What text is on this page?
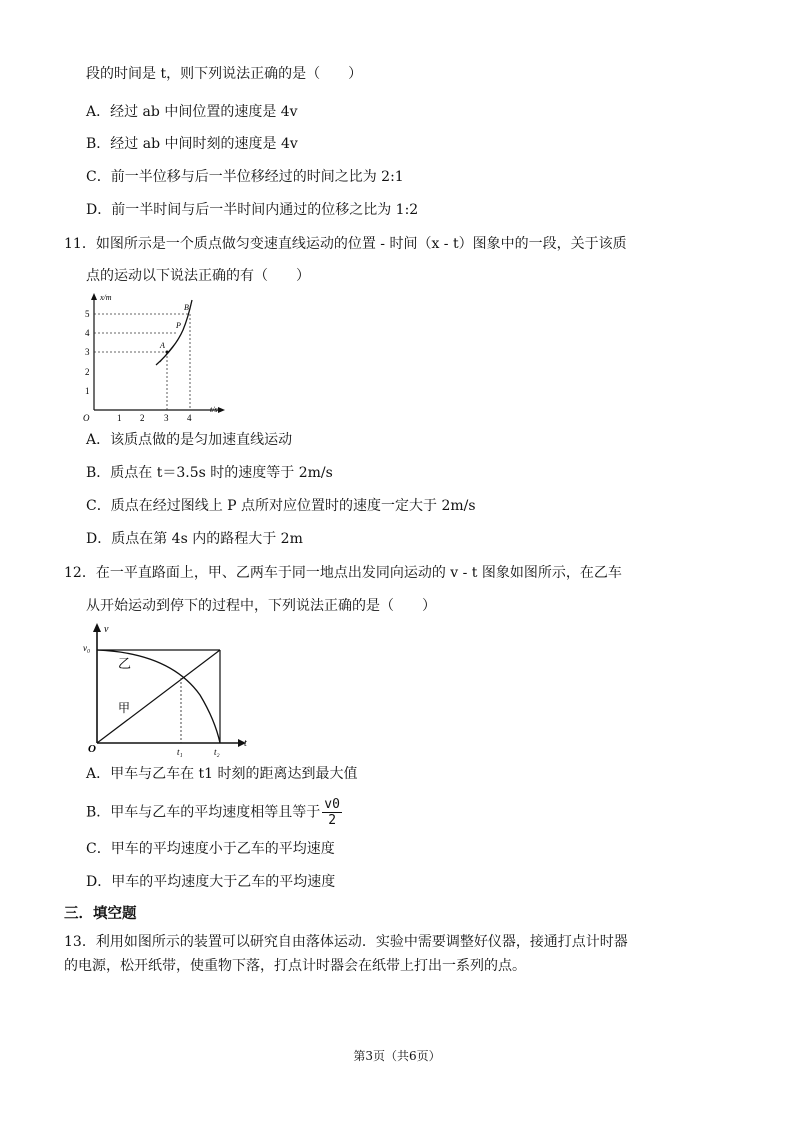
段的时间是 t，则下列说法正确的是（　　）
A．经过 ab 中间位置的速度是 4v
B．经过 ab 中间时刻的速度是 4v
C．前一半位移与后一半位移经过的时间之比为 2:1
D．前一半时间与后一半时间内通过的位移之比为 1:2
11．如图所示是一个质点做匀变速直线运动的位置 - 时间（x - t）图象中的一段，关于该质
点的运动以下说法正确的有（　　）
x/m
t/s
O	1 2 3 4
1
2
3
4
5
A
P
B
A．该质点做的是匀加速直线运动
B．质点在 t＝3.5s 时的速度等于 2m/s
C．质点在经过图线上 P 点所对应位置时的速度一定大于 2m/s
D．质点在第 4s 内的路程大于 2m
12．在一平直路面上，甲、乙两车于同一地点出发同向运动的 v - t 图象如图所示，在乙车
从开始运动到停下的过程中，下列说法正确的是（　　）
v
t
O
v₀
t₁	t₂
乙
甲
A．甲车与乙车在 t1 时刻的距离达到最大值
B．甲车与乙车的平均速度相等且等于 $\frac{v0}{2}$
C．甲车的平均速度小于乙车的平均速度
D．甲车的平均速度大于乙车的平均速度
三．填空题
13．利用如图所示的装置可以研究自由落体运动．实验中需要调整好仪器，接通打点计时器
的电源，松开纸带，使重物下落，打点计时器会在纸带上打出一系列的点。
第3页（共6页）
